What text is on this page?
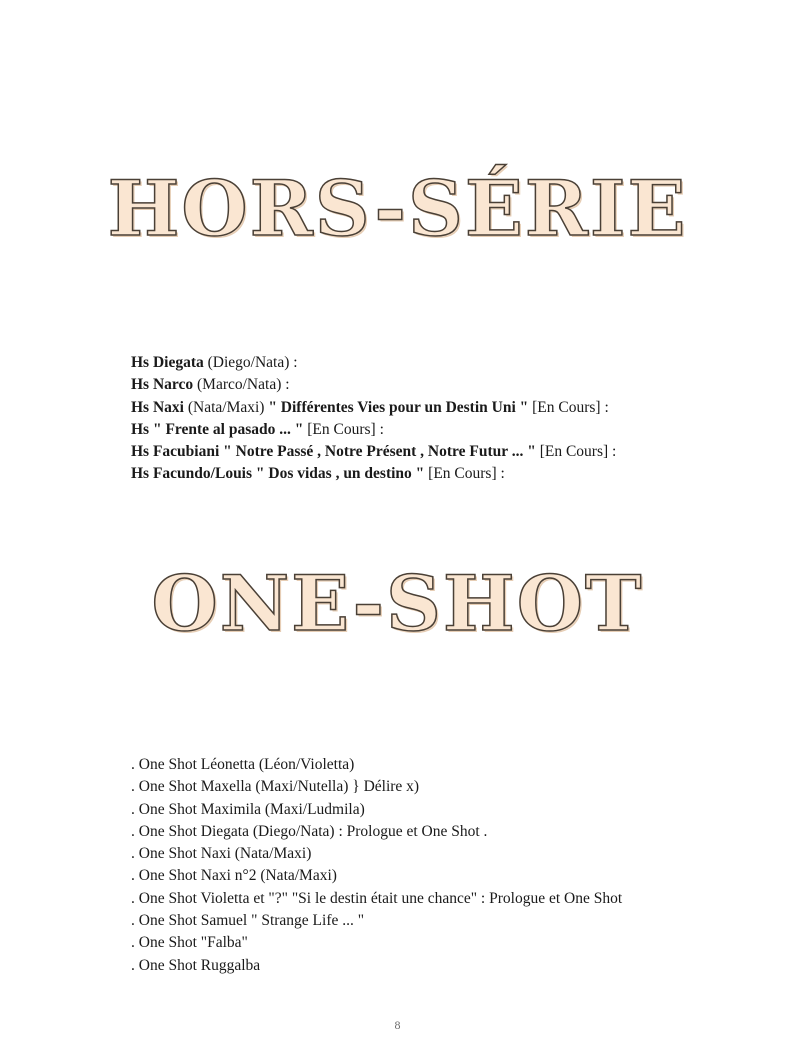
HORS-SÉRIE
Hs Diegata (Diego/Nata) :
Hs Narco (Marco/Nata) :
Hs Naxi (Nata/Maxi) " Différentes Vies pour un Destin Uni " [En Cours] :
Hs " Frente al pasado ... " [En Cours] :
Hs Facubiani " Notre Passé , Notre Présent , Notre Futur ... " [En Cours] :
Hs Facundo/Louis " Dos vidas , un destino " [En Cours] :
ONE-SHOT
. One Shot Léonetta (Léon/Violetta)
. One Shot Maxella (Maxi/Nutella) } Délire x)
. One Shot Maximila (Maxi/Ludmila)
. One Shot Diegata (Diego/Nata) : Prologue et One Shot .
. One Shot Naxi (Nata/Maxi)
. One Shot Naxi n°2 (Nata/Maxi)
. One Shot Violetta et "?" "Si le destin était une chance" : Prologue et One Shot
. One Shot Samuel " Strange Life ... "
. One Shot "Falba"
. One Shot Ruggalba
8
